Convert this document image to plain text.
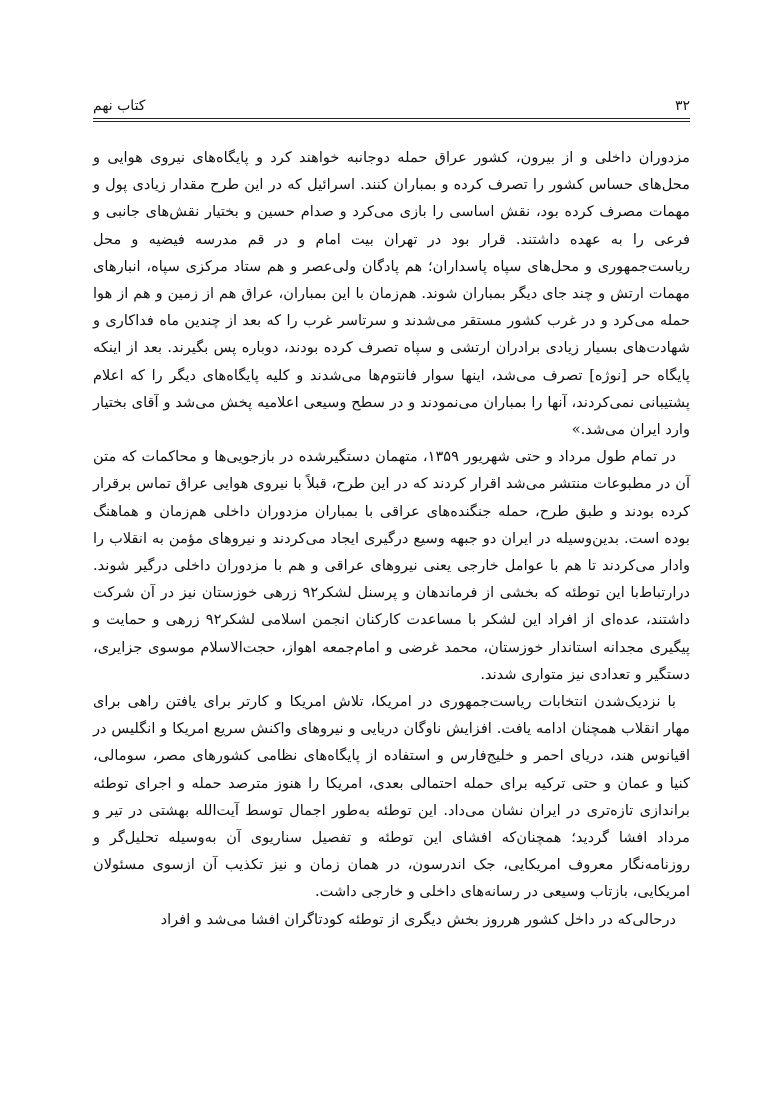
۳۲
کتاب نهم

مزدوران داخلی و از بیرون، کشور عراق حمله دوجانبه خواهند کرد و پایگاه‌های نیروی هوایی و محل‌های حساس کشور را تصرف کرده و بمباران کنند. اسرائیل که در این طرح مقدار زیادی پول و مهمات مصرف کرده بود، نقش اساسی را بازی می‌کرد و صدام حسین و بختیار نقش‌های جانبی و فرعی را به عهده داشتند. قرار بود در تهران بیت امام و در قم مدرسه فیضیه و محل ریاست‌جمهوری و محل‌های سپاه پاسداران؛ هم پادگان ولی‌عصر و هم ستاد مرکزی سپاه، انبارهای مهمات ارتش و چند جای دیگر بمباران شوند. هم‌زمان با این بمباران، عراق هم از زمین و هم از هوا حمله می‌کرد و در غرب کشور مستقر می‌شدند و سرتاسر غرب را که بعد از چندین ماه فداکاری و شهادت‌های بسیار زیادی برادران ارتشی و سپاه تصرف کرده بودند، دوباره پس بگیرند. بعد از اینکه پایگاه حر [نوژه] تصرف می‌شد، اینها سوار فانتوم‌ها می‌شدند و کلیه پایگاه‌های دیگر را که اعلام پشتیبانی نمی‌کردند، آنها را بمباران می‌نمودند و در سطح وسیعی اعلامیه پخش می‌شد و آقای بختیار وارد ایران می‌شد.»

در تمام طول مرداد و حتی شهریور ۱۳۵۹، متهمان دستگیرشده در بازجویی‌ها و محاکمات که متن آن در مطبوعات منتشر می‌شد اقرار کردند که در این طرح، قبلاً با نیروی هوایی عراق تماس برقرار کرده بودند و طبق طرح، حمله جنگنده‌های عراقی با بمباران مزدوران داخلی هم‌زمان و هماهنگ بوده است. بدین‌وسیله در ایران دو جبهه وسیع درگیری ایجاد می‌کردند و نیروهای مؤمن به انقلاب را وادار می‌کردند تا هم با عوامل خارجی یعنی نیروهای عراقی و هم با مزدوران داخلی درگیر شوند. درارتباط‌با این توطئه که بخشی از فرماندهان و پرسنل لشکر۹۲ زرهی خوزستان نیز در آن شرکت داشتند، عده‌ای از افراد این لشکر با مساعدت کارکنان انجمن اسلامی لشکر۹۲ زرهی و حمایت و پیگیری مجدانه استاندار خوزستان، محمد غرضی و امام‌جمعه اهواز، حجت‌الاسلام موسوی جزایری، دستگیر و تعدادی نیز متواری شدند.

با نزدیک‌شدن انتخابات ریاست‌جمهوری در امریکا، تلاش امریکا و کارتر برای یافتن راهی برای مهار انقلاب همچنان ادامه یافت. افزایش ناوگان دریایی و نیروهای واکنش سریع امریکا و انگلیس در اقیانوس هند، دریای احمر و خلیج‌فارس و استفاده از پایگاه‌های نظامی کشورهای مصر، سومالی، کنیا و عمان و حتی ترکیه برای حمله احتمالی بعدی، امریکا را هنوز مترصد حمله و اجرای توطئه براندازی تازه‌تری در ایران نشان می‌داد. این توطئه به‌طور اجمال توسط آیت‌الله بهشتی در تیر و مرداد افشا گردید؛ همچنان‌که افشای این توطئه و تفصیل سناریوی آن به‌وسیله تحلیل‌گر و روزنامه‌نگار معروف امریکایی، جک اندرسون، در همان زمان و نیز تکذیب آن ازسوی مسئولان امریکایی، بازتاب وسیعی در رسانه‌های داخلی و خارجی داشت.

درحالی‌که در داخل کشور هرروز بخش دیگری از توطئه کودتاگران افشا می‌شد و افراد
